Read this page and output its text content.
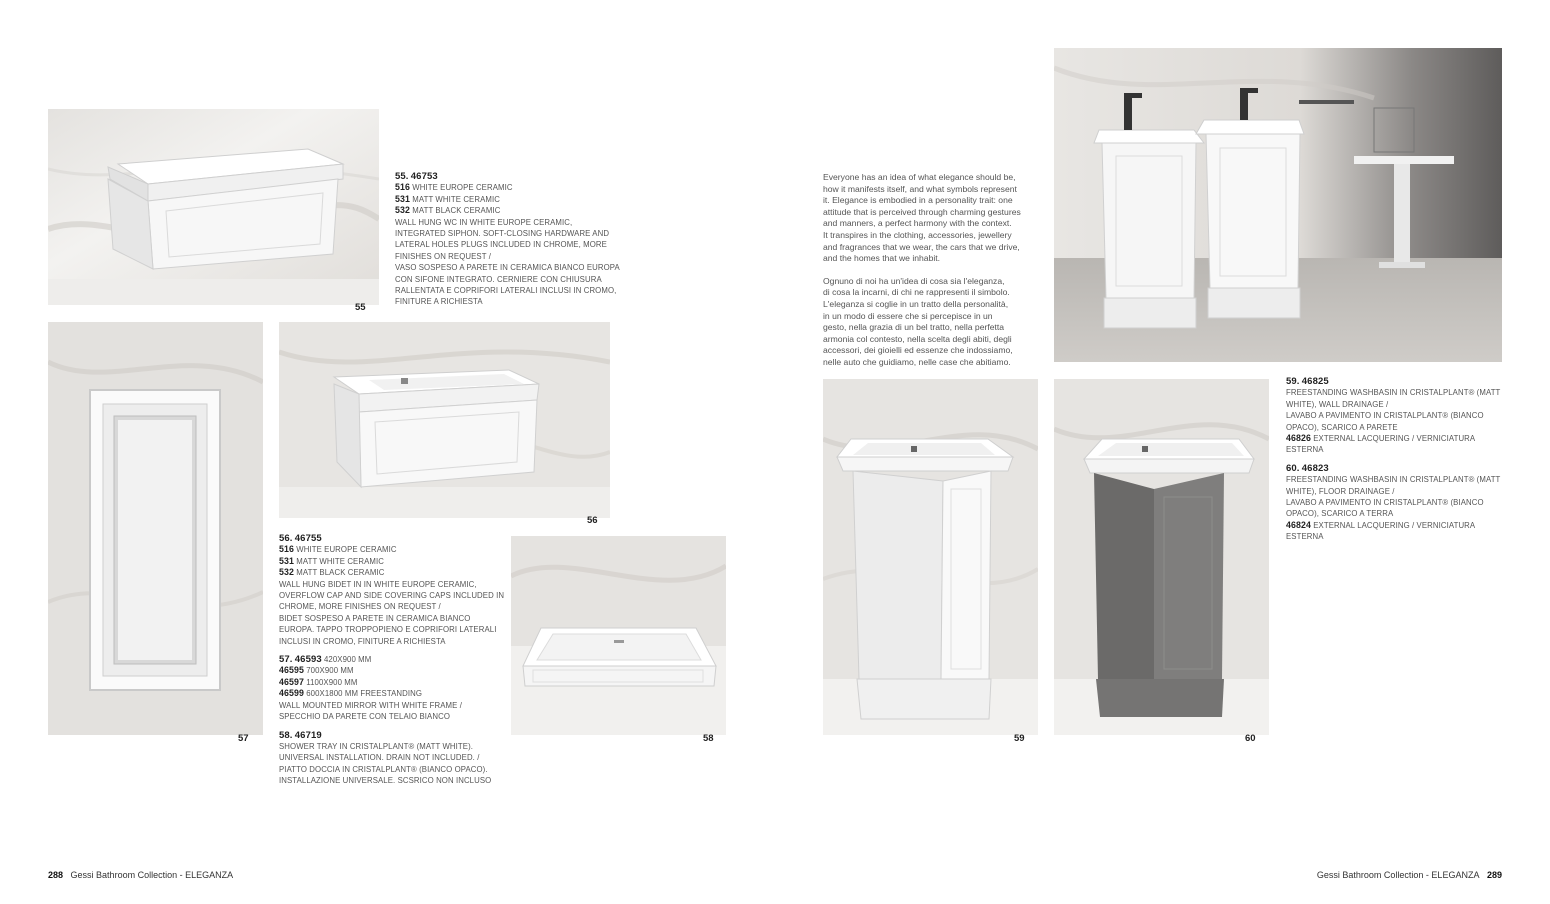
55
57
56
58	59	60
55. 46753
516 WHITE EUROPE CERAMIC
531 MATT WHITE CERAMIC
532 MATT BLACK CERAMIC
WALL HUNG WC IN WHITE EUROPE CERAMIC,
INTEGRATED SIPHON. SOFT-CLOSING HARDWARE AND
LATERAL HOLES PLUGS INCLUDED IN CHROME, MORE
FINISHES ON REQUEST /
VASO SOSPESO A PARETE IN CERAMICA BIANCO EUROPA
CON SIFONE INTEGRATO. CERNIERE CON CHIUSURA
RALLENTATA E COPRIFORI LATERALI INCLUSI IN CROMO,
FINITURE A RICHIESTA
56. 46755
516 WHITE EUROPE CERAMIC
531 MATT WHITE CERAMIC
532 MATT BLACK CERAMIC
WALL HUNG BIDET IN IN WHITE EUROPE CERAMIC,
OVERFLOW CAP AND SIDE COVERING CAPS INCLUDED IN
CHROME, MORE FINISHES ON REQUEST /
BIDET SOSPESO A PARETE IN CERAMICA BIANCO
EUROPA. TAPPO TROPPOPIENO E COPRIFORI LATERALI
INCLUSI IN CROMO, FINITURE A RICHIESTA
57. 46593 420X900 MM
46595 700X900 MM
46597 1100X900 MM
46599 600X1800 MM FREESTANDING
WALL MOUNTED MIRROR WITH WHITE FRAME /
SPECCHIO DA PARETE CON TELAIO BIANCO
58. 46719
SHOWER TRAY IN CRISTALPLANT® (MATT WHITE).
UNIVERSAL INSTALLATION. DRAIN NOT INCLUDED. /
PIATTO DOCCIA IN CRISTALPLANT® (BIANCO OPACO).
INSTALLAZIONE UNIVERSALE. SCSRICO NON INCLUSO
Everyone has an idea of what elegance should be,
how it manifests itself, and what symbols represent
it. Elegance is embodied in a personality trait: one
attitude that is perceived through charming gestures
and manners, a perfect harmony with the context.
It transpires in the clothing, accessories, jewellery
and fragrances that we wear, the cars that we drive,
and the homes that we inhabit.
Ognuno di noi ha un'idea di cosa sia l'eleganza,
di cosa la incarni, di chi ne rappresenti il simbolo.
L'eleganza si coglie in un tratto della personalità,
in un modo di essere che si percepisce in un
gesto, nella grazia di un bel tratto, nella perfetta
armonia col contesto, nella scelta degli abiti, degli
accessori, dei gioielli ed essenze che indossiamo,
nelle auto che guidiamo, nelle case che abitiamo.
59. 46825
FREESTANDING WASHBASIN IN CRISTALPLANT® (MATT
WHITE), WALL DRAINAGE /
LAVABO A PAVIMENTO IN CRISTALPLANT® (BIANCO
OPACO), SCARICO A PARETE
46826 EXTERNAL LACQUERING / VERNICIATURA
ESTERNA
60. 46823
FREESTANDING WASHBASIN IN CRISTALPLANT® (MATT
WHITE), FLOOR DRAINAGE /
LAVABO A PAVIMENTO IN CRISTALPLANT® (BIANCO
OPACO), SCARICO A TERRA
46824 EXTERNAL LACQUERING / VERNICIATURA
ESTERNA
288 Gessi Bathroom Collection - ELEGANZA	Gessi Bathroom Collection - ELEGANZA 289
